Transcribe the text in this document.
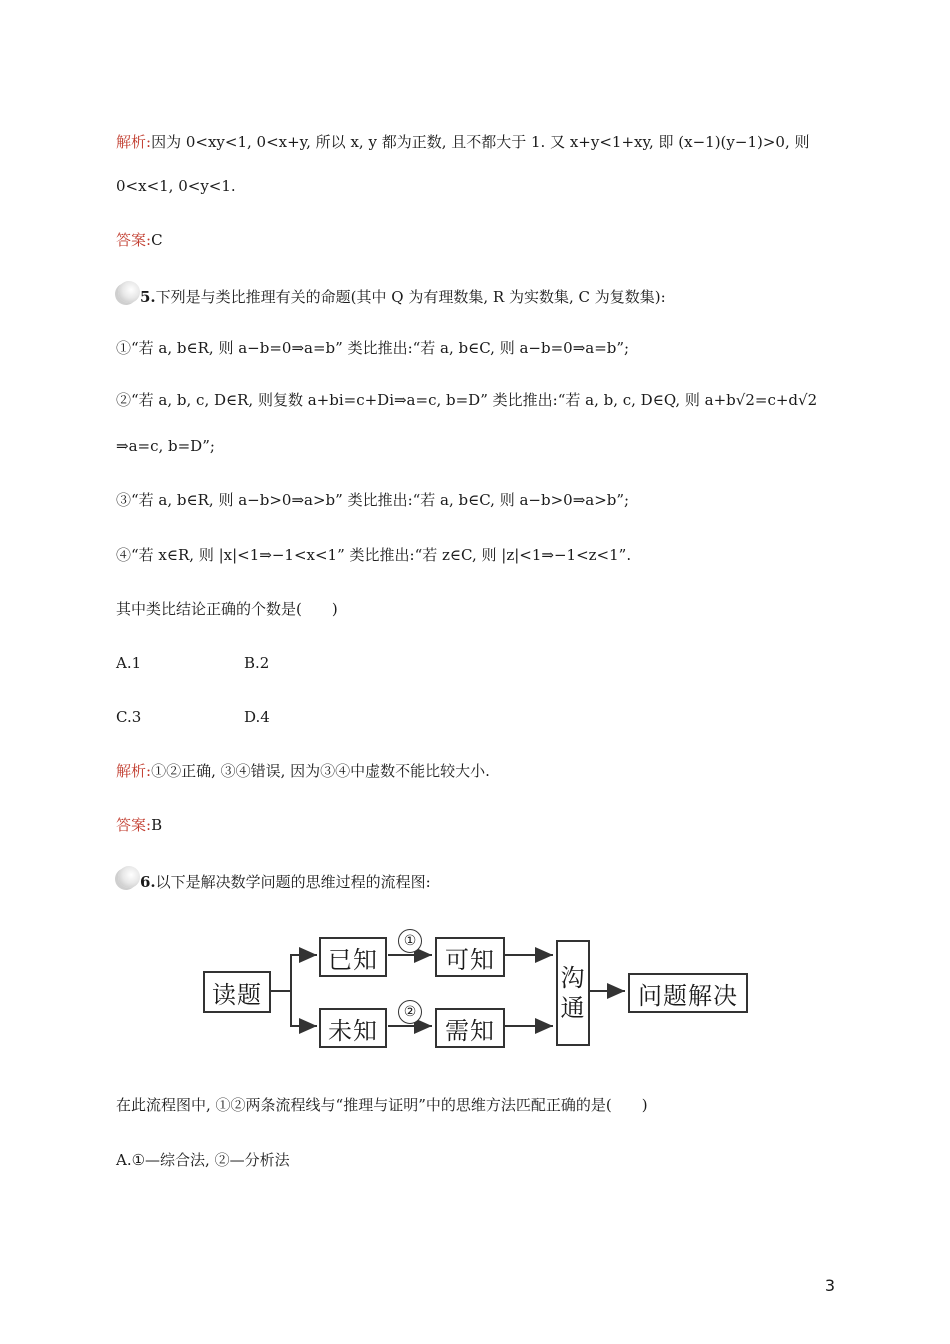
解析:因为 0<xy<1, 0<x+y, 所以 x, y 都为正数, 且不都大于 1. 又 x+y<1+xy, 即 (x−1)(y−1)>0, 则
0<x<1, 0<y<1.
答案:C
5.下列是与类比推理有关的命题(其中 Q 为有理数集, R 为实数集, C 为复数集):
①“若 a, b∈R, 则 a−b=0⇒a=b” 类比推出:“若 a, b∈C, 则 a−b=0⇒a=b”;
②“若 a, b, c, D∈R, 则复数 a+bi=c+Di⇒a=c, b=D” 类比推出:“若 a, b, c, D∈Q, 则 a+b√2=c+d√2
⇒a=c, b=D”;
③“若 a, b∈R, 则 a−b>0⇒a>b” 类比推出:“若 a, b∈C, 则 a−b>0⇒a>b”;
④“若 x∈R, 则 |x|<1⇒−1<x<1” 类比推出:“若 z∈C, 则 |z|<1⇒−1<z<1”.
其中类比结论正确的个数是(　　)
A.1	B.2
C.3	D.4
解析:①②正确, ③④错误, 因为③④中虚数不能比较大小.
答案:B
6.以下是解决数学问题的思维过程的流程图:
读题
已知	可知
未知	需知
沟
通	问题解决
①
②
在此流程图中, ①②两条流程线与“推理与证明”中的思维方法匹配正确的是(　　)
A.①—综合法, ②—分析法
3
